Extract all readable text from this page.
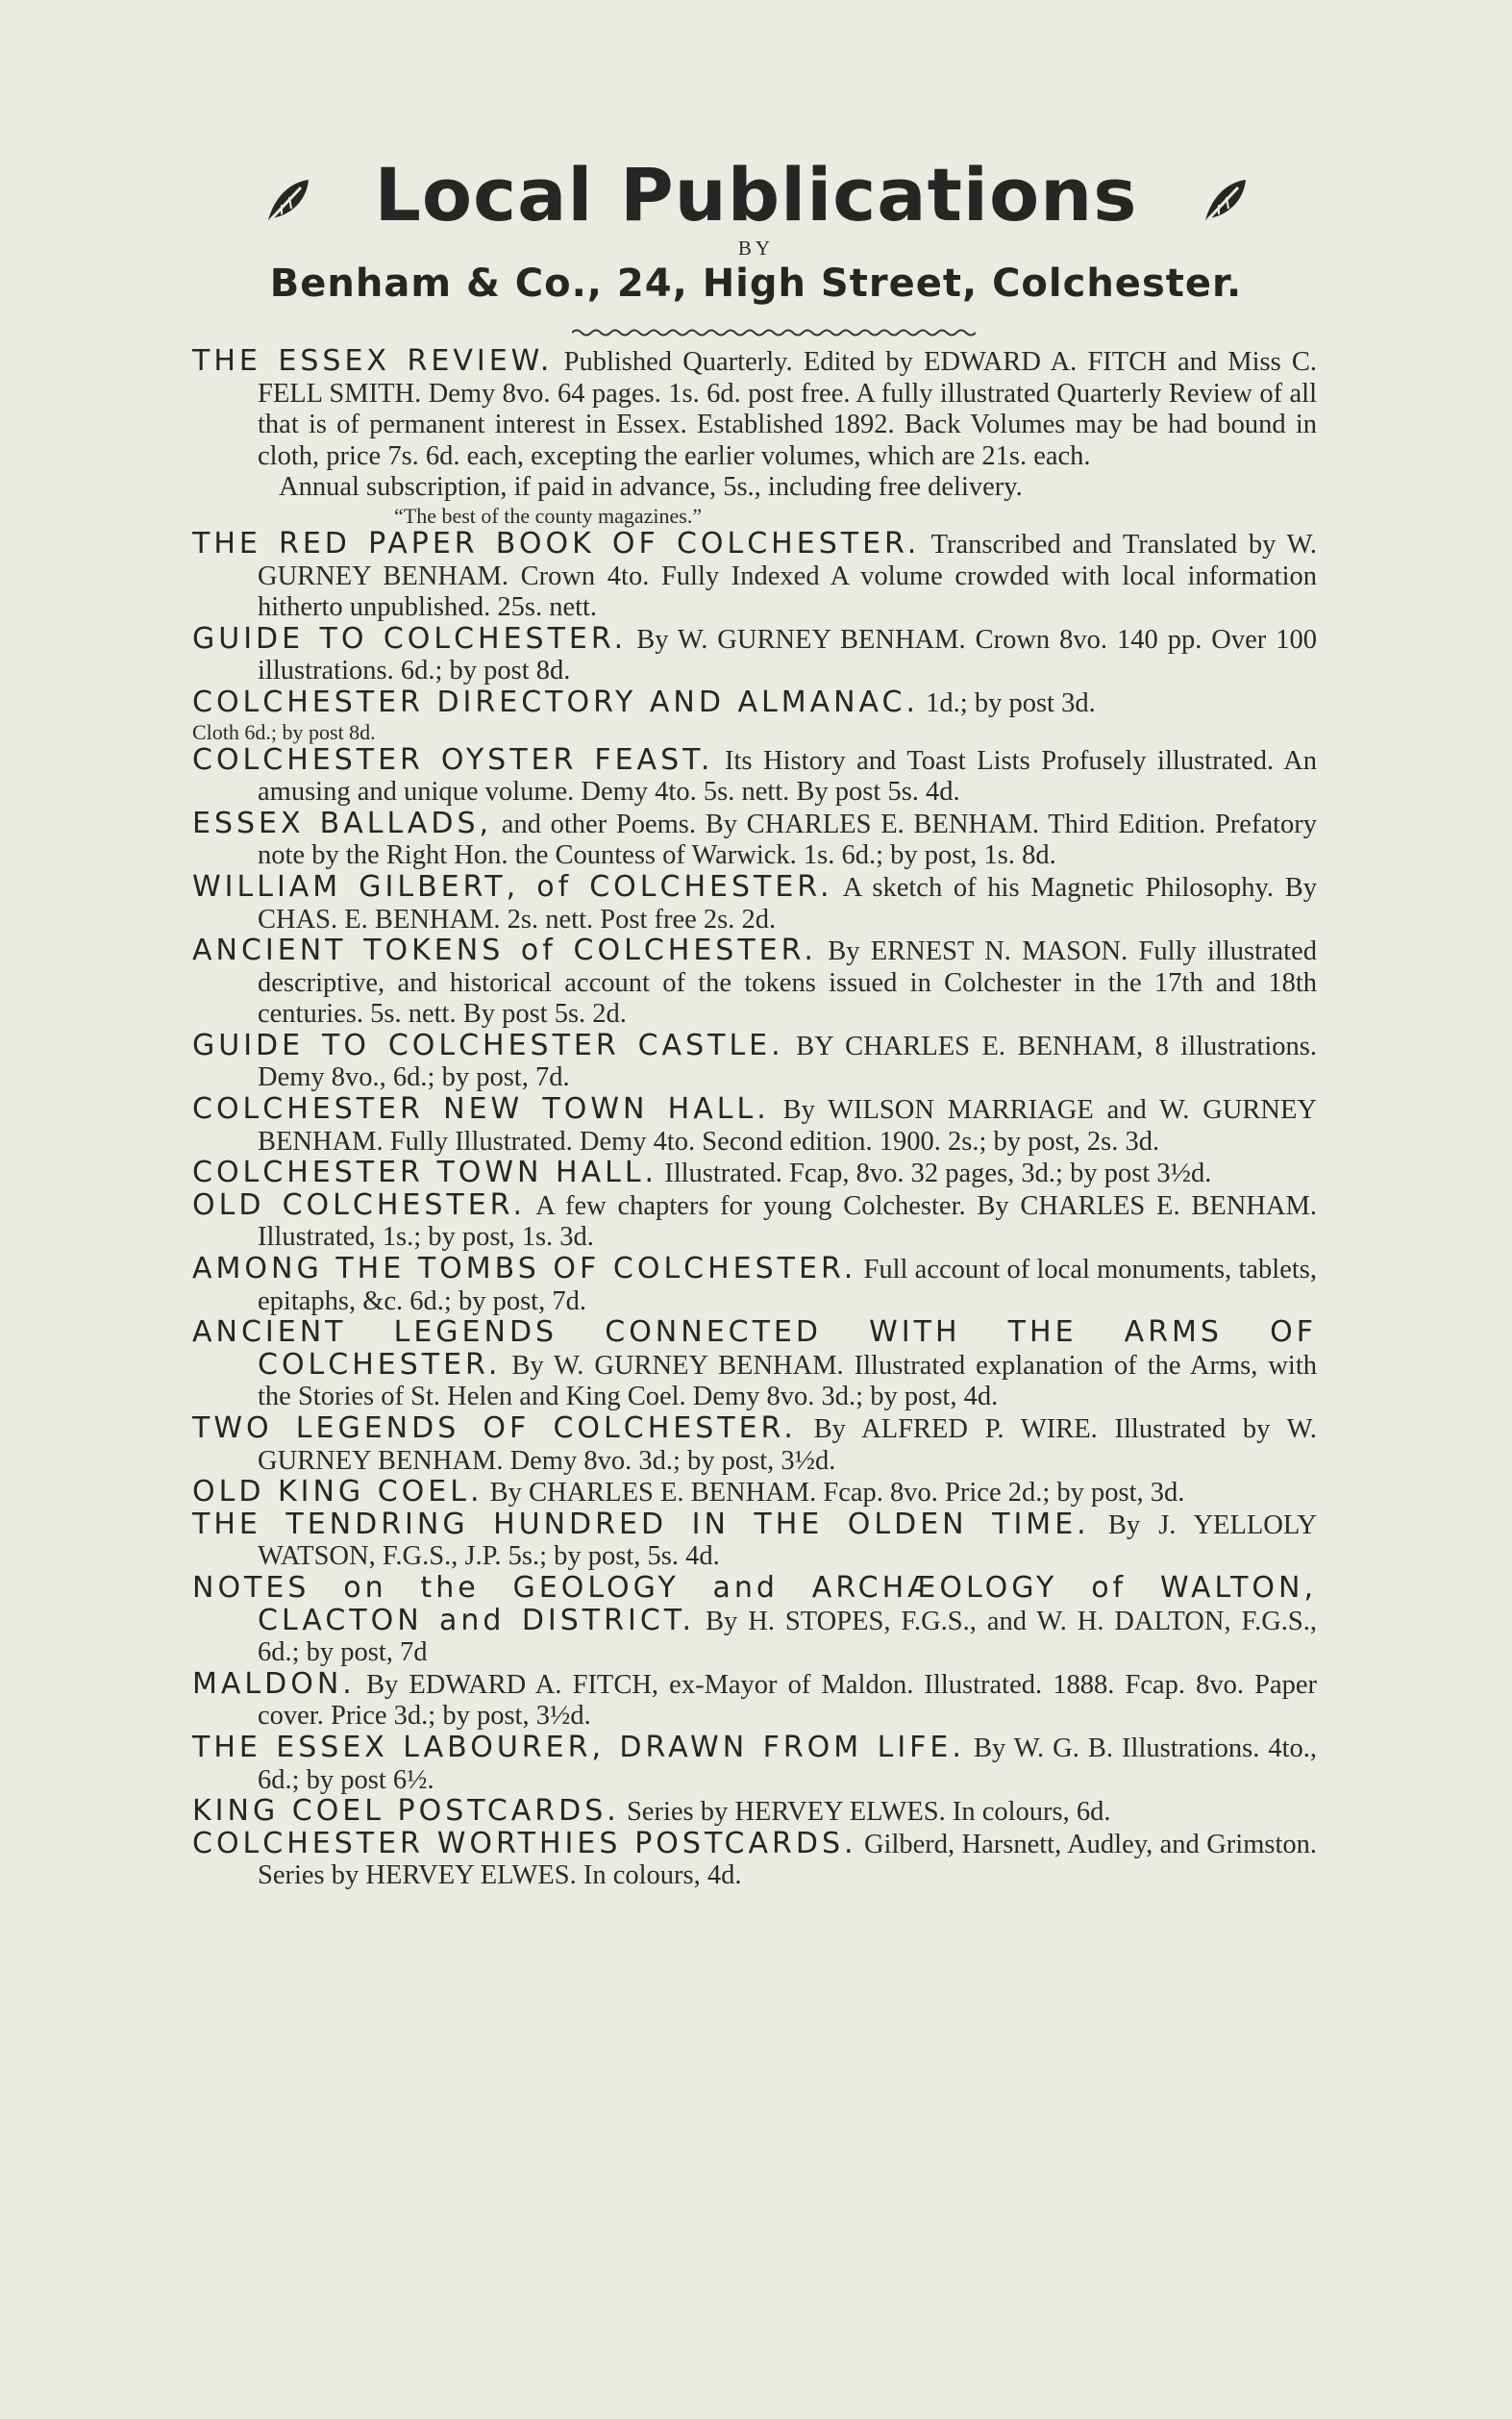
Local Publications
BY
Benham & Co., 24, High Street, Colchester.
THE ESSEX REVIEW. Published Quarterly. Edited by EDWARD A. FITCH and Miss C. FELL SMITH. Demy 8vo. 64 pages. 1s. 6d. post free. A fully illustrated Quarterly Review of all that is of permanent interest in Essex. Established 1892. Back Volumes may be had bound in cloth, price 7s. 6d. each, excepting the earlier volumes, which are 21s. each.
Annual subscription, if paid in advance, 5s., including free delivery.
“The best of the county magazines.”
THE RED PAPER BOOK OF COLCHESTER. Transcribed and Translated by W. GURNEY BENHAM. Crown 4to. Fully Indexed A volume crowded with local information hitherto unpublished. 25s. nett.
GUIDE TO COLCHESTER. By W. GURNEY BENHAM. Crown 8vo. 140 pp. Over 100 illustrations. 6d.; by post 8d.
COLCHESTER DIRECTORY AND ALMANAC. 1d.; by post 3d.
Cloth 6d.; by post 8d.
COLCHESTER OYSTER FEAST. Its History and Toast Lists Profusely illustrated. An amusing and unique volume. Demy 4to. 5s. nett. By post 5s. 4d.
ESSEX BALLADS, and other Poems. By CHARLES E. BENHAM. Third Edition. Prefatory note by the Right Hon. the Countess of Warwick. 1s. 6d.; by post, 1s. 8d.
WILLIAM GILBERT, of COLCHESTER. A sketch of his Magnetic Philosophy. By CHAS. E. BENHAM. 2s. nett. Post free 2s. 2d.
ANCIENT TOKENS of COLCHESTER. By ERNEST N. MASON. Fully illustrated descriptive, and historical account of the tokens issued in Colchester in the 17th and 18th centuries. 5s. nett. By post 5s. 2d.
GUIDE TO COLCHESTER CASTLE. BY CHARLES E. BENHAM, 8 illustrations. Demy 8vo., 6d.; by post, 7d.
COLCHESTER NEW TOWN HALL. By WILSON MARRIAGE and W. GURNEY BENHAM. Fully Illustrated. Demy 4to. Second edition. 1900. 2s.; by post, 2s. 3d.
COLCHESTER TOWN HALL. Illustrated. Fcap, 8vo. 32 pages, 3d.; by post 3½d.
OLD COLCHESTER. A few chapters for young Colchester. By CHARLES E. BENHAM. Illustrated, 1s.; by post, 1s. 3d.
AMONG THE TOMBS OF COLCHESTER. Full account of local monuments, tablets, epitaphs, &c. 6d.; by post, 7d.
ANCIENT LEGENDS CONNECTED WITH THE ARMS OF COLCHESTER. By W. GURNEY BENHAM. Illustrated explanation of the Arms, with the Stories of St. Helen and King Coel. Demy 8vo. 3d.; by post, 4d.
TWO LEGENDS OF COLCHESTER. By ALFRED P. WIRE. Illustrated by W. GURNEY BENHAM. Demy 8vo. 3d.; by post, 3½d.
OLD KING COEL. By CHARLES E. BENHAM. Fcap. 8vo. Price 2d.; by post, 3d.
THE TENDRING HUNDRED IN THE OLDEN TIME. By J. YELLOLY WATSON, F.G.S., J.P. 5s.; by post, 5s. 4d.
NOTES on the GEOLOGY and ARCHÆOLOGY of WALTON, CLACTON and DISTRICT. By H. STOPES, F.G.S., and W. H. DALTON, F.G.S., 6d.; by post, 7d
MALDON. By EDWARD A. FITCH, ex-Mayor of Maldon. Illustrated. 1888. Fcap. 8vo. Paper cover. Price 3d.; by post, 3½d.
THE ESSEX LABOURER, DRAWN FROM LIFE. By W. G. B. Illustrations. 4to., 6d.; by post 6½.
KING COEL POSTCARDS. Series by HERVEY ELWES. In colours, 6d.
COLCHESTER WORTHIES POSTCARDS. Gilberd, Harsnett, Audley, and Grimston. Series by HERVEY ELWES. In colours, 4d.
